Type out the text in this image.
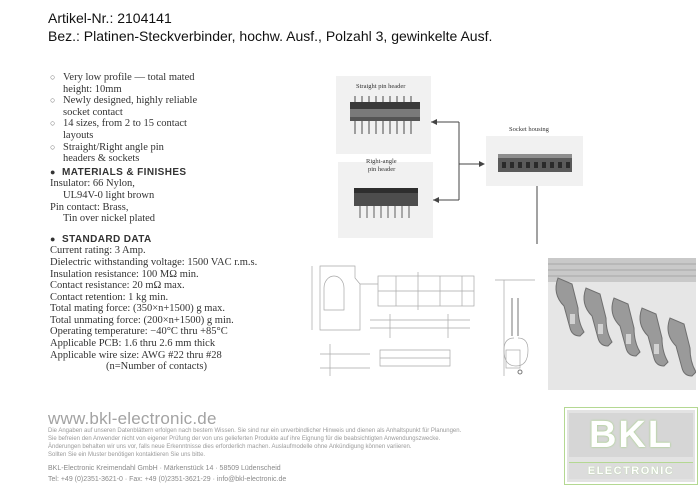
Artikel-Nr.: 2104141
Bez.: Platinen-Steckverbinder, hochw. Ausf., Polzahl 3, gewinkelte Ausf.
○ Very low profile — total mated
height: 10mm
○ Newly designed, highly reliable
socket contact
○ 14 sizes, from 2 to 15 contact
layouts
○ Straight/Right angle pin
headers & sockets
● MATERIALS & FINISHES
Insulator: 66 Nylon,
UL94V-0 light brown
Pin contact: Brass,
Tin over nickel plated
● STANDARD DATA
Current rating: 3 Amp.
Dielectric withstanding voltage: 1500 VAC r.m.s.
Insulation resistance: 100 MΩ min.
Contact resistance: 20 mΩ max.
Contact retention: 1 kg min.
Total mating force: (350×n+1500) g max.
Total unmating force: (200×n+1500) g min.
Operating temperature: −40°C thru +85°C
Applicable PCB: 1.6 thru 2.6 mm thick
Applicable wire size: AWG #22 thru #28
(n=Number of contacts)
Straight pin header
Right-angle
pin header
Socket housing
www.bkl-electronic.de
Die Angaben auf unseren Datenblättern erfolgen nach bestem Wissen. Sie sind nur ein unverbindlicher Hinweis und dienen als Anhaltspunkt für Planungen.
Sie befreien den Anwender nicht von eigener Prüfung der von uns gelieferten Produkte auf ihre Eignung für die beabsichtigten Anwendungszwecke.
Änderungen behalten wir uns vor, falls neue Erkenntnisse dies erforderlich machen. Auslaufmodelle ohne Ankündigung können variieren.
Sollten Sie ein Muster benötigen kontaktieren Sie uns bitte.
BKL-Electronic Kreimendahl GmbH · Märkenstück 14 · 58509 Lüdenscheid
Tel: +49 (0)2351-3621-0 · Fax: +49 (0)2351-3621-29 · info@bkl-electronic.de
BKL
ELECTRONIC
